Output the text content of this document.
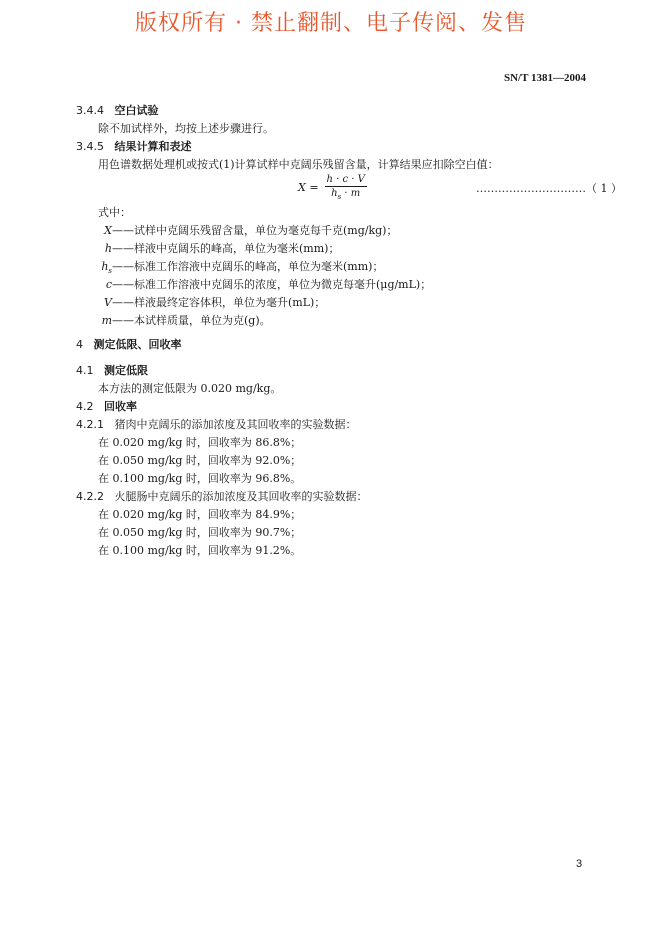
版权所有 · 禁止翻制、电子传阅、发售
SN/T 1381—2004
3.4.4 空白试验
除不加试样外，均按上述步骤进行。
3.4.5 结果计算和表述
用色谱数据处理机或按式(1)计算试样中克阔乐残留含量，计算结果应扣除空白值：
$X = \frac{h \cdot c \cdot V}{h_s \cdot m}$	…………………………（ 1 ）
式中：
X——试样中克阔乐残留含量，单位为毫克每千克(mg/kg)；
h——样液中克阔乐的峰高，单位为毫米(mm)；
$h_s——$标准工作溶液中克阔乐的峰高，单位为毫米(mm)；
c——标准工作溶液中克阔乐的浓度，单位为微克每毫升(μg/mL)；
V——样液最终定容体积，单位为毫升(mL)；
m——本试样质量，单位为克(g)。
4 测定低限、回收率
4.1 测定低限
本方法的测定低限为 0.020 mg/kg。
4.2 回收率
4.2.1 猪肉中克阔乐的添加浓度及其回收率的实验数据：
在 0.020 mg/kg 时，回收率为 86.8%；
在 0.050 mg/kg 时，回收率为 92.0%；
在 0.100 mg/kg 时，回收率为 96.8%。
4.2.2 火腿肠中克阔乐的添加浓度及其回收率的实验数据：
在 0.020 mg/kg 时，回收率为 84.9%；
在 0.050 mg/kg 时，回收率为 90.7%；
在 0.100 mg/kg 时，回收率为 91.2%。
3
